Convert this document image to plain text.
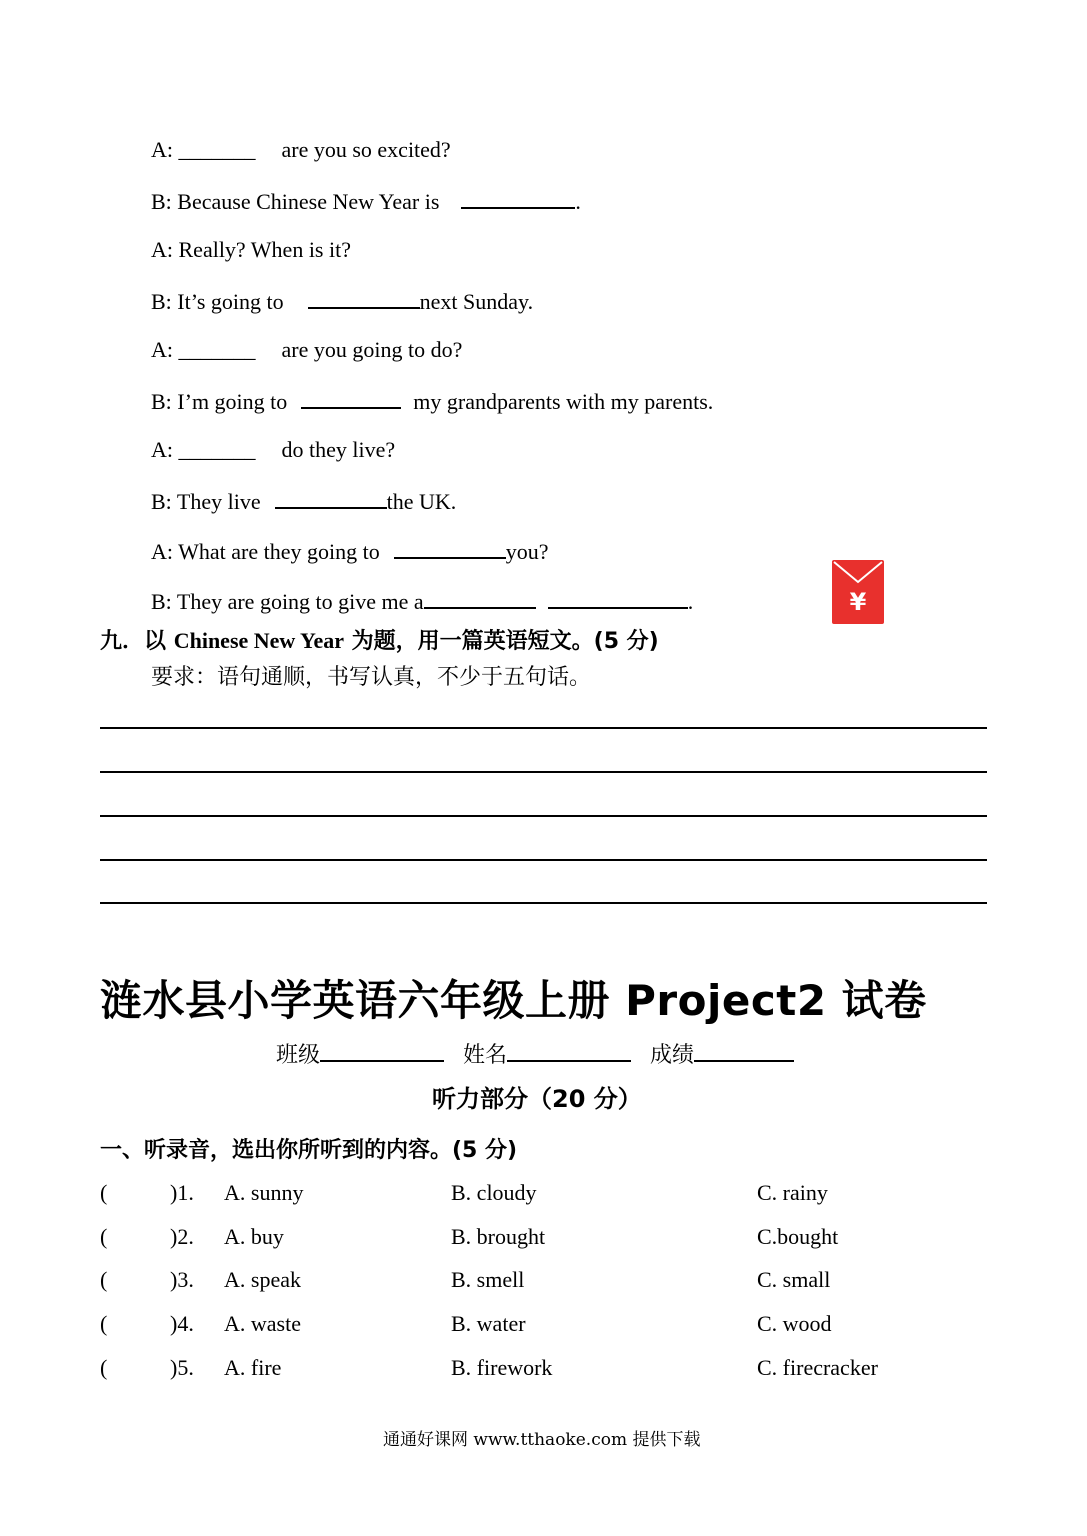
A: _______ are you so excited?
B: Because Chinese New Year is	.
A: Really? When is it?
B: It’s going to	next Sunday.
A: _______ are you going to do?
B: I’m going to	my grandparents with my parents.
A: _______ do they live?
B: They live	the UK.
A: What are they going to	you?
B: They are going to give me a	.	¥
九．以 Chinese New Year 为题，用一篇英语短文。(5 分)
要求：语句通顺，书写认真，不少于五句话。
涟水县小学英语六年级上册 Project2 试卷
班级	姓名	成绩
听力部分（20 分）
一、听录音，选出你所听到的内容。(5 分)
(	)1. A. sunny	B. cloudy	C. rainy
(	)2. A. buy	B. brought	C.bought
(	)3. A. speak	B. smell	C. small
(	)4. A. waste	B. water	C. wood
(	)5. A. fire	B. firework	C. firecracker
通通好课网 www.tthaoke.com 提供下载
